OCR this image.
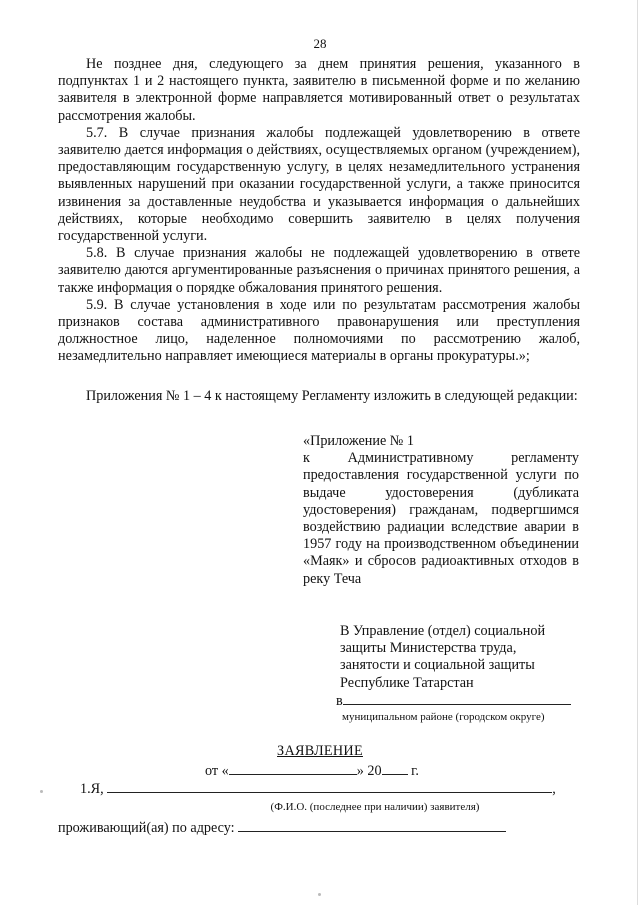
28

Не позднее дня, следующего за днем принятия решения, указанного в подпунктах 1 и 2 настоящего пункта, заявителю в письменной форме и по желанию заявителя в электронной форме направляется мотивированный ответ о результатах рассмотрения жалобы.

5.7. В случае признания жалобы подлежащей удовлетворению в ответе заявителю дается информация о действиях, осуществляемых органом (учреждением), предоставляющим государственную услугу, в целях незамедлительного устранения выявленных нарушений при оказании государственной услуги, а также приносится извинения за доставленные неудобства и указывается информация о дальнейших действиях, которые необходимо совершить заявителю в целях получения государственной услуги.

5.8. В случае признания жалобы не подлежащей удовлетворению в ответе заявителю даются аргументированные разъяснения о причинах принятого решения, а также информация о порядке обжалования принятого решения.

5.9. В случае установления в ходе или по результатам рассмотрения жалобы признаков состава административного правонарушения или преступления должностное лицо, наделенное полномочиями по рассмотрению жалоб, незамедлительно направляет имеющиеся материалы в органы прокуратуры.»;

Приложения № 1 – 4 к настоящему Регламенту изложить в следующей редакции:

«Приложение № 1

к Административному регламенту предоставления государственной услуги по выдаче удостоверения (дубликата удостоверения) гражданам, подвергшимся воздействию радиации вследствие аварии в 1957 году на производственном объединении «Маяк» и сбросов радиоактивных отходов в реку Теча

В Управление (отдел) социальной

защиты Министерства труда,

занятости и социальной защиты

Республике Татарстан

в

муниципальном районе (городском округе)

ЗАЯВЛЕНИЕ
от «	» 20 г.
1.Я,	,
(Ф.И.О. (последнее при наличии) заявителя)
проживающий(ая) по адресу:
